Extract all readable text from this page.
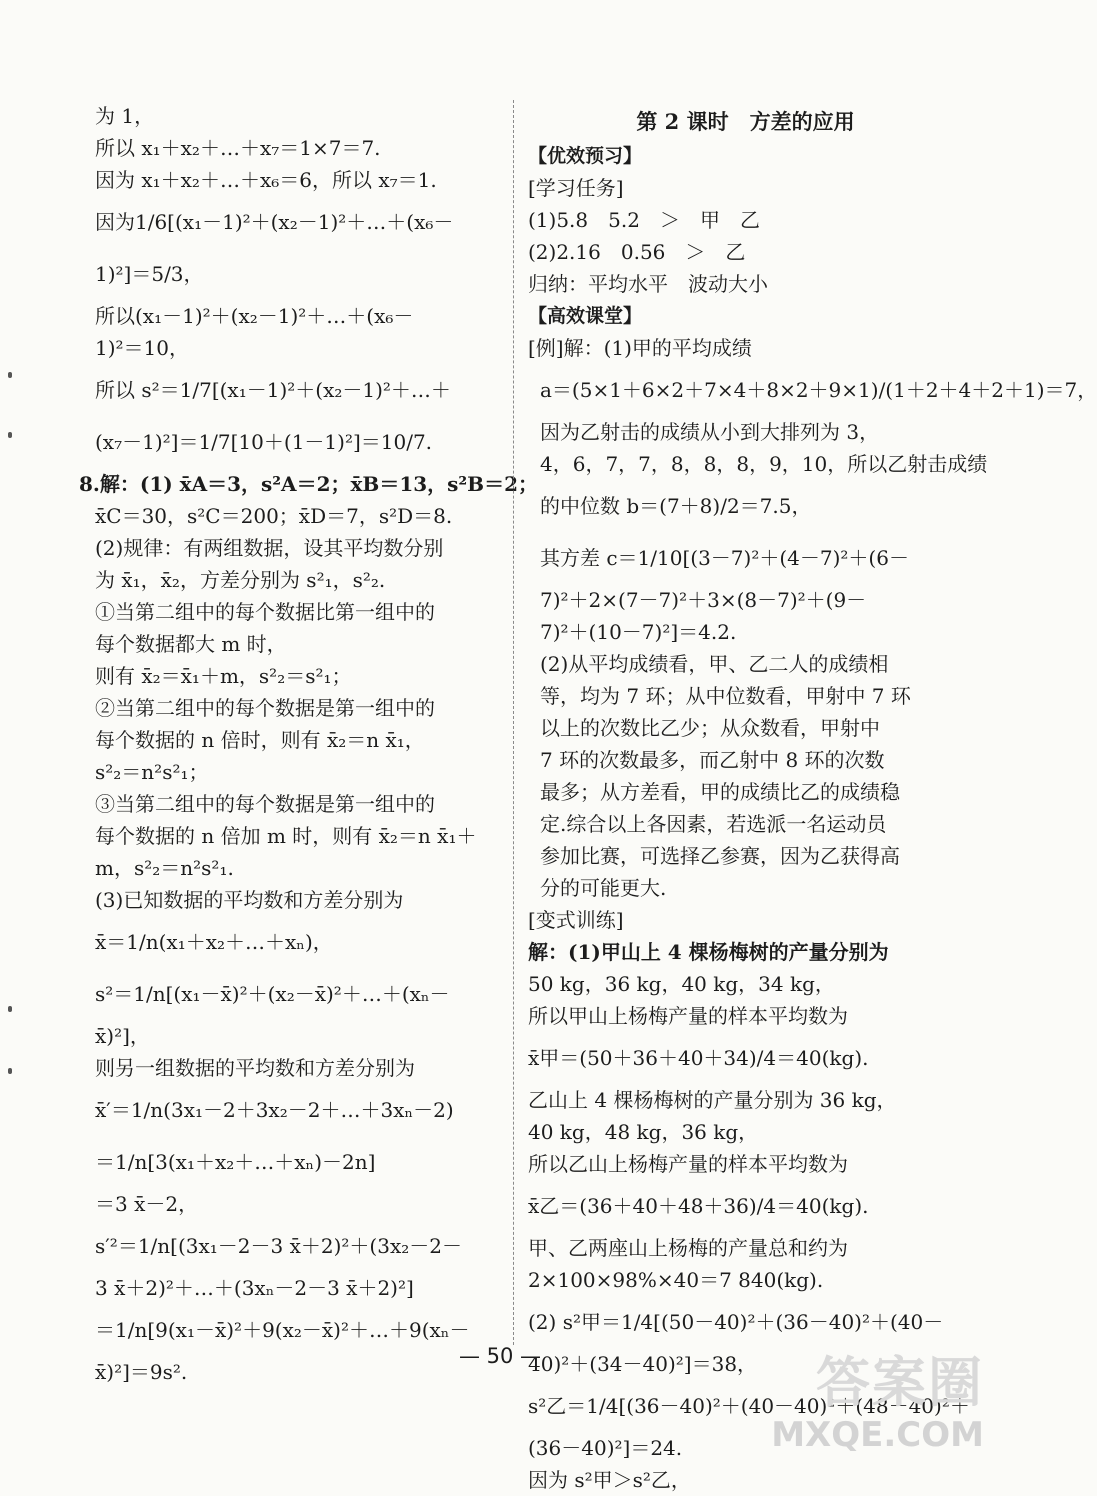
为 1，
所以 x₁＋x₂＋…＋x₇＝1×7＝7.
因为 x₁＋x₂＋…＋x₆＝6，所以 x₇＝1.
因为1/6[(x₁－1)²＋(x₂－1)²＋…＋(x₆－
1)²]＝5/3，
所以(x₁－1)²＋(x₂－1)²＋…＋(x₆－
1)²＝10，
所以 s²＝1/7[(x₁－1)²＋(x₂－1)²＋…＋
(x₇－1)²]＝1/7[10＋(1－1)²]＝10/7.
8.解：(1) x̄A＝3，s²A＝2；x̄B＝13，s²B＝2；
x̄C＝30，s²C＝200；x̄D＝7，s²D＝8.
(2)规律：有两组数据，设其平均数分别
为 x̄₁，x̄₂，方差分别为 s²₁，s²₂.
①当第二组中的每个数据比第一组中的
每个数据都大 m 时，
则有 x̄₂＝x̄₁＋m，s²₂＝s²₁；
②当第二组中的每个数据是第一组中的
每个数据的 n 倍时，则有 x̄₂＝n x̄₁，
s²₂＝n²s²₁；
③当第二组中的每个数据是第一组中的
每个数据的 n 倍加 m 时，则有 x̄₂＝n x̄₁＋
m，s²₂＝n²s²₁.
(3)已知数据的平均数和方差分别为
x̄＝1/n(x₁＋x₂＋…＋xₙ)，
s²＝1/n[(x₁－x̄)²＋(x₂－x̄)²＋…＋(xₙ－
x̄)²]，
则另一组数据的平均数和方差分别为
x̄′＝1/n(3x₁－2＋3x₂－2＋…＋3xₙ－2)
＝1/n[3(x₁＋x₂＋…＋xₙ)－2n]
＝3 x̄－2，
s′²＝1/n[(3x₁－2－3 x̄＋2)²＋(3x₂－2－
3 x̄＋2)²＋…＋(3xₙ－2－3 x̄＋2)²]
＝1/n[9(x₁－x̄)²＋9(x₂－x̄)²＋…＋9(xₙ－
x̄)²]＝9s².
第 2 课时　方差的应用
【优效预习】
[学习任务]
(1)5.8　5.2　＞　甲　乙
(2)2.16　0.56　＞　乙
归纳：平均水平　波动大小
【高效课堂】
[例]解：(1)甲的平均成绩
a＝(5×1＋6×2＋7×4＋8×2＋9×1)/(1＋2＋4＋2＋1)＝7，
因为乙射击的成绩从小到大排列为 3，
4，6，7，7，8，8，8，9，10，所以乙射击成绩
的中位数 b＝(7＋8)/2＝7.5，
其方差 c＝1/10[(3－7)²＋(4－7)²＋(6－
7)²＋2×(7－7)²＋3×(8－7)²＋(9－
7)²＋(10－7)²]＝4.2.
(2)从平均成绩看，甲、乙二人的成绩相
等，均为 7 环；从中位数看，甲射中 7 环
以上的次数比乙少；从众数看，甲射中
7 环的次数最多，而乙射中 8 环的次数
最多；从方差看，甲的成绩比乙的成绩稳
定.综合以上各因素，若选派一名运动员
参加比赛，可选择乙参赛，因为乙获得高
分的可能更大.
[变式训练]
解：(1)甲山上 4 棵杨梅树的产量分别为
50 kg，36 kg，40 kg，34 kg，
所以甲山上杨梅产量的样本平均数为
x̄甲＝(50＋36＋40＋34)/4＝40(kg).
乙山上 4 棵杨梅树的产量分别为 36 kg，
40 kg，48 kg，36 kg，
所以乙山上杨梅产量的样本平均数为
x̄乙＝(36＋40＋48＋36)/4＝40(kg).
甲、乙两座山上杨梅的产量总和约为
2×100×98%×40＝7 840(kg).
(2) s²甲＝1/4[(50－40)²＋(36－40)²＋(40－
40)²＋(34－40)²]＝38，
s²乙＝1/4[(36－40)²＋(40－40)²＋(48－40)²＋
(36－40)²]＝24.
因为 s²甲＞s²乙，
— 50 —	答案圈
MXQE.COM
